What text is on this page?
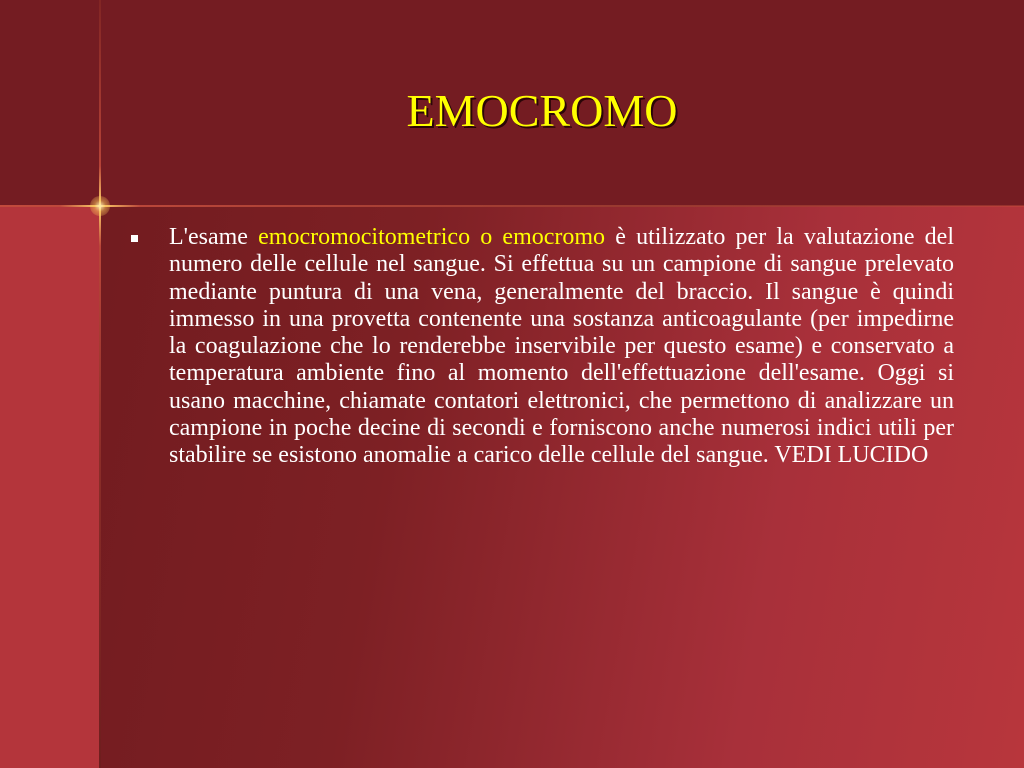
EMOCROMO
L'esame emocromocitometrico o emocromo è utilizzato per la valutazione del numero delle cellule nel sangue. Si effettua su un campione di sangue prelevato mediante puntura di una vena, generalmente del braccio. Il sangue è quindi immesso in una provetta contenente una sostanza anticoagulante (per impedirne la coagulazione che lo renderebbe inservibile per questo esame) e conservato a temperatura ambiente fino al momento dell'effettuazione dell'esame. Oggi si usano macchine, chiamate contatori elettronici, che permettono di analizzare un campione in poche decine di secondi e forniscono anche numerosi indici utili per stabilire se esistono anomalie a carico delle cellule del sangue. VEDI LUCIDO
